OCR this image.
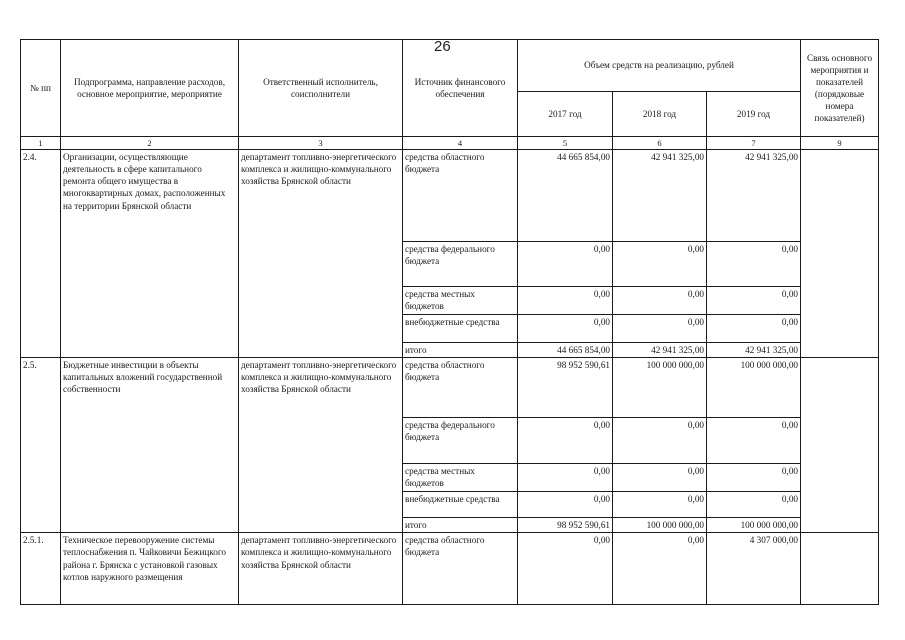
26
№ пп	Подпрограмма, направление расходов, основное мероприятие, мероприятие	Ответственный исполнитель, соисполнители	Источник финансового обеспечения	Объем средств на реализацию, рублей			Связь основного мероприятия и показателей (порядковые номера показателей)
				2017 год	2018 год	2019 год	
1	2	3	4	5	6	7	9
2.4.	Организации, осуществляющие деятельность в сфере капитального ремонта общего имущества в многоквартирных домах, расположенных на территории Брянской области	департамент топливно-энергетического комплекса и жилищно-коммунального хозяйства Брянской области	средства областного бюджета	44 665 854,00	42 941 325,00	42 941 325,00	
			средства федерального бюджета	0,00	0,00	0,00	
			средства местных бюджетов	0,00	0,00	0,00	
			внебюджетные средства	0,00	0,00	0,00	
			итого	44 665 854,00	42 941 325,00	42 941 325,00	
2.5.	Бюджетные инвестиции в объекты капитальных вложений государственной собственности	департамент топливно-энергетического комплекса и жилищно-коммунального хозяйства Брянской области	средства областного бюджета	98 952 590,61	100 000 000,00	100 000 000,00	
			средства федерального бюджета	0,00	0,00	0,00	
			средства местных бюджетов	0,00	0,00	0,00	
			внебюджетные средства	0,00	0,00	0,00	
			итого	98 952 590,61	100 000 000,00	100 000 000,00	
2.5.1.	Техническое перевооружение системы теплоснабжения п. Чайковичи Бежицкого района г. Брянска с установкой газовых котлов наружного размещения	департамент топливно-энергетического комплекса и жилищно-коммунального хозяйства Брянской области	средства областного бюджета	0,00	0,00	4 307 000,00	
